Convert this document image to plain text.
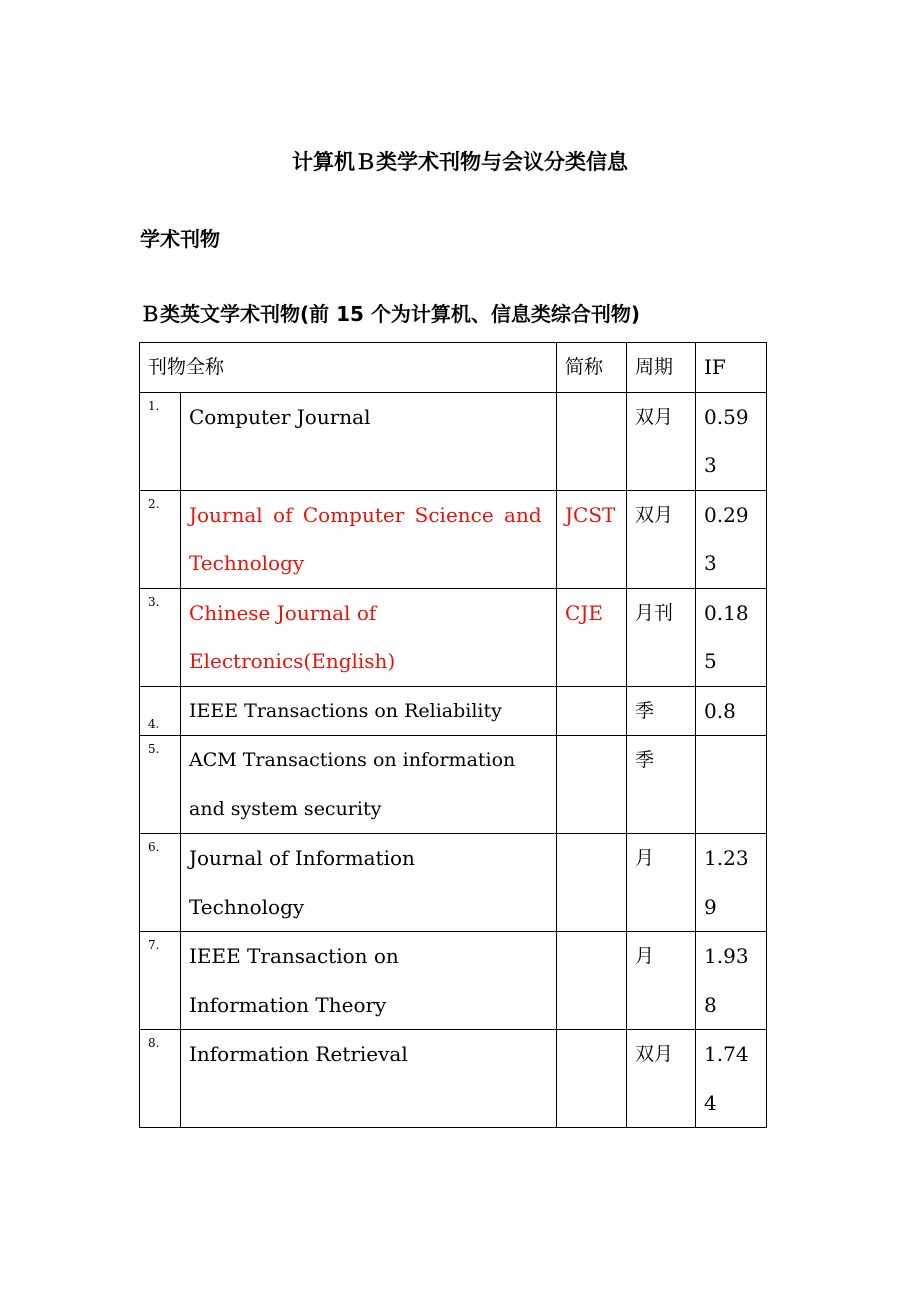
计算机Ｂ类学术刊物与会议分类信息
学术刊物
Ｂ类英文学术刊物(前 15 个为计算机、信息类综合刊物)
刊物全称		简称	周期	IF
1.	Computer Journal		双月	0.593
2.	Journal of Computer Science and Technology	JCST	双月	0.293
3.	Chinese Journal of Electronics(English)	CJE	月刊	0.185
4.	IEEE Transactions on Reliability		季	0.8
5.	ACM Transactions on information and system security		季	
6.	Journal of Information Technology		月	1.239
7.	IEEE Transaction on Information Theory		月	1.938
8.	Information Retrieval		双月	1.744
